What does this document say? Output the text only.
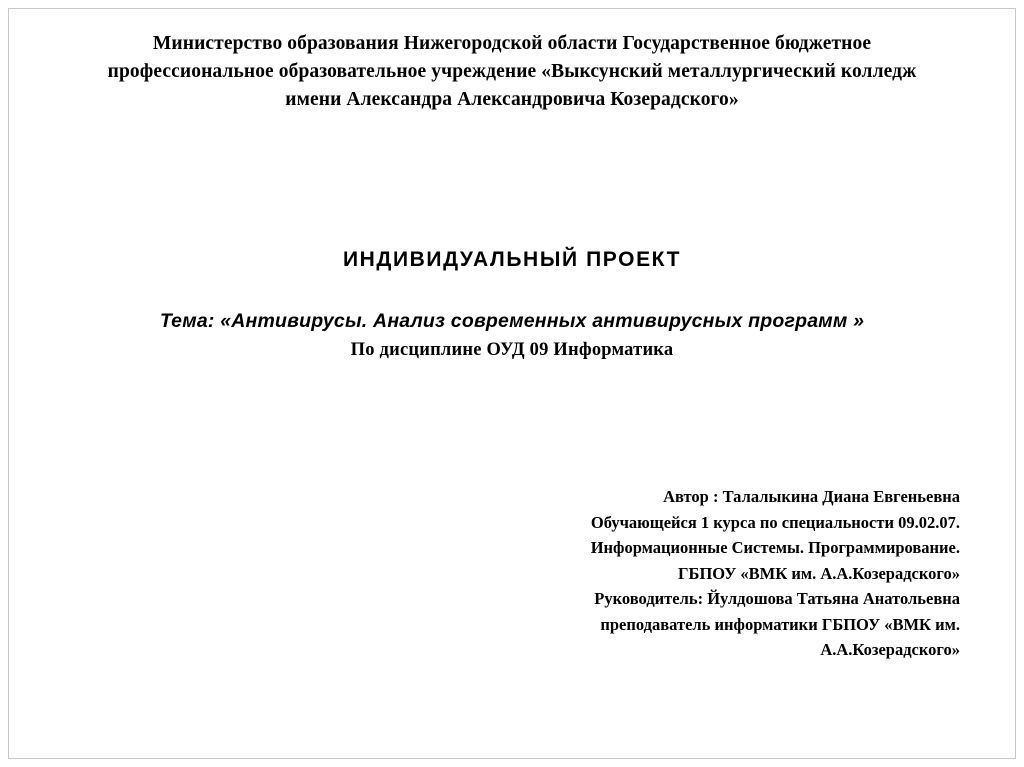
Министерство образования Нижегородской области Государственное бюджетное
профессиональное образовательное учреждение «Выксунский металлургический колледж
имени Александра Александровича Козерадского»
ИНДИВИДУАЛЬНЫЙ ПРОЕКТ
Тема: «Антивирусы. Анализ современных антивирусных программ »
По дисциплине ОУД 09 Информатика
Автор : Талалыкина Диана Евгеньевна
Обучающейся 1 курса по специальности 09.02.07.
Информационные Системы. Программирование.
ГБПОУ «ВМК им. А.А.Козерадского»
Руководитель: Йулдошова Татьяна Анатольевна
преподаватель информатики ГБПОУ «ВМК им.
А.А.Козерадского»
